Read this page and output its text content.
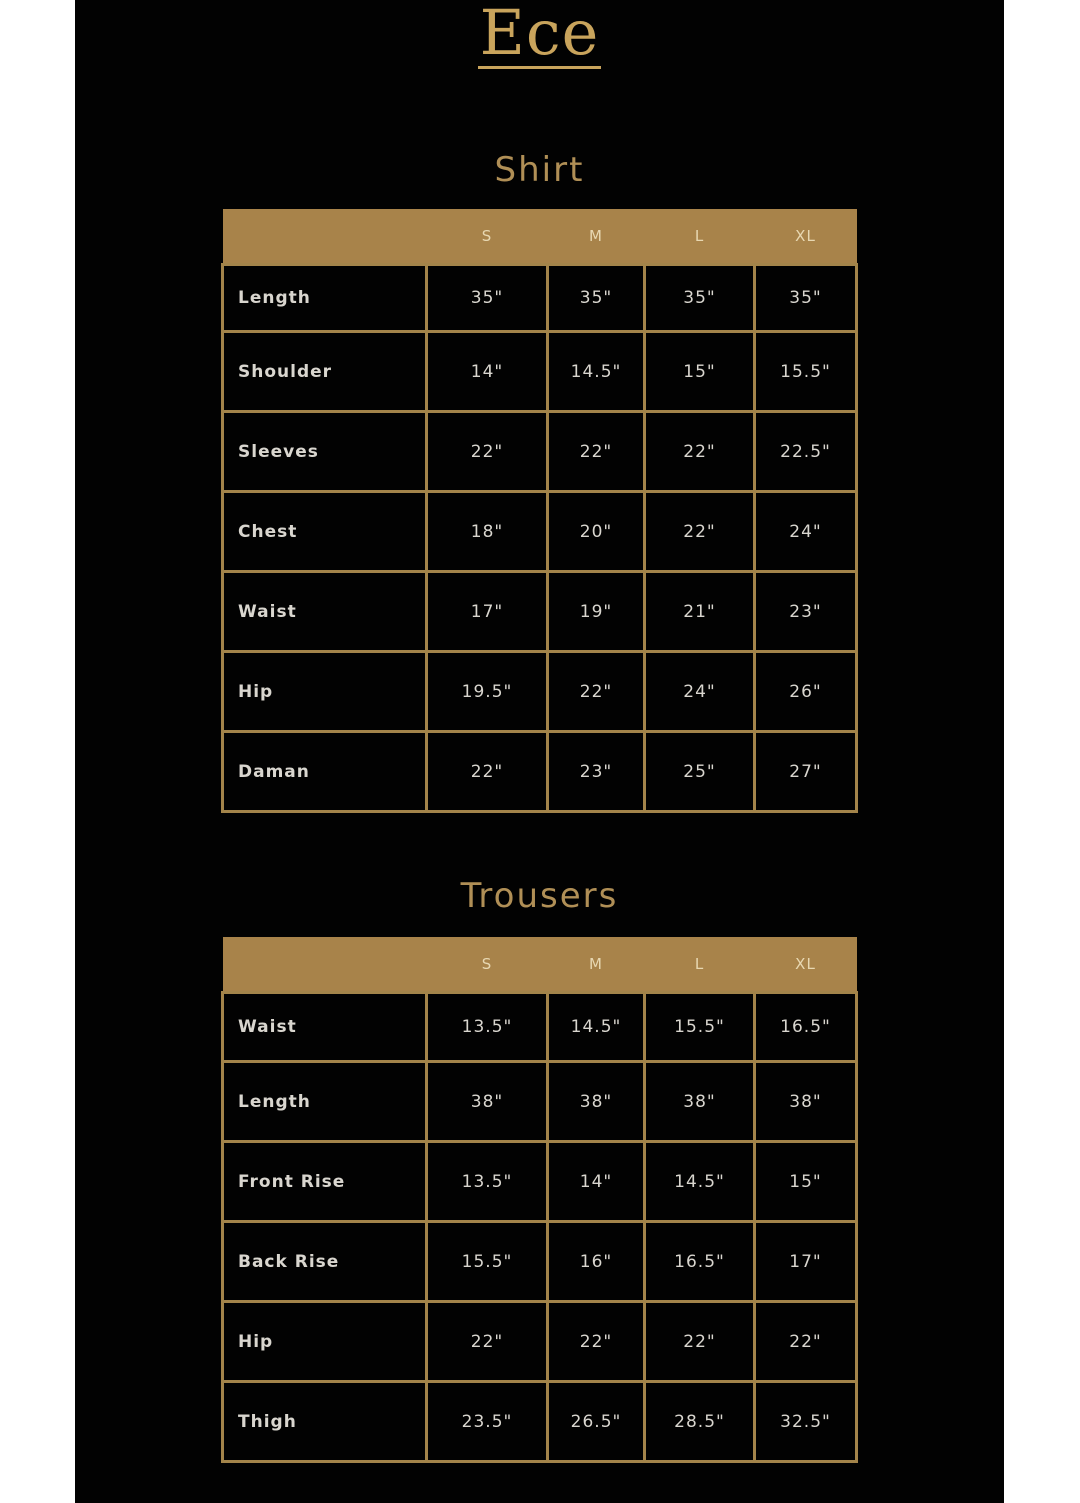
Ece
Shirt
	S	M	L	XL
Length	35"	35"	35"	35"
Shoulder	14"	14.5"	15"	15.5"
Sleeves	22"	22"	22"	22.5"
Chest	18"	20"	22"	24"
Waist	17"	19"	21"	23"
Hip	19.5"	22"	24"	26"
Daman	22"	23"	25"	27"
Trousers
	S	M	L	XL
Waist	13.5"	14.5"	15.5"	16.5"
Length	38"	38"	38"	38"
Front Rise	13.5"	14"	14.5"	15"
Back Rise	15.5"	16"	16.5"	17"
Hip	22"	22"	22"	22"
Thigh	23.5"	26.5"	28.5"	32.5"
